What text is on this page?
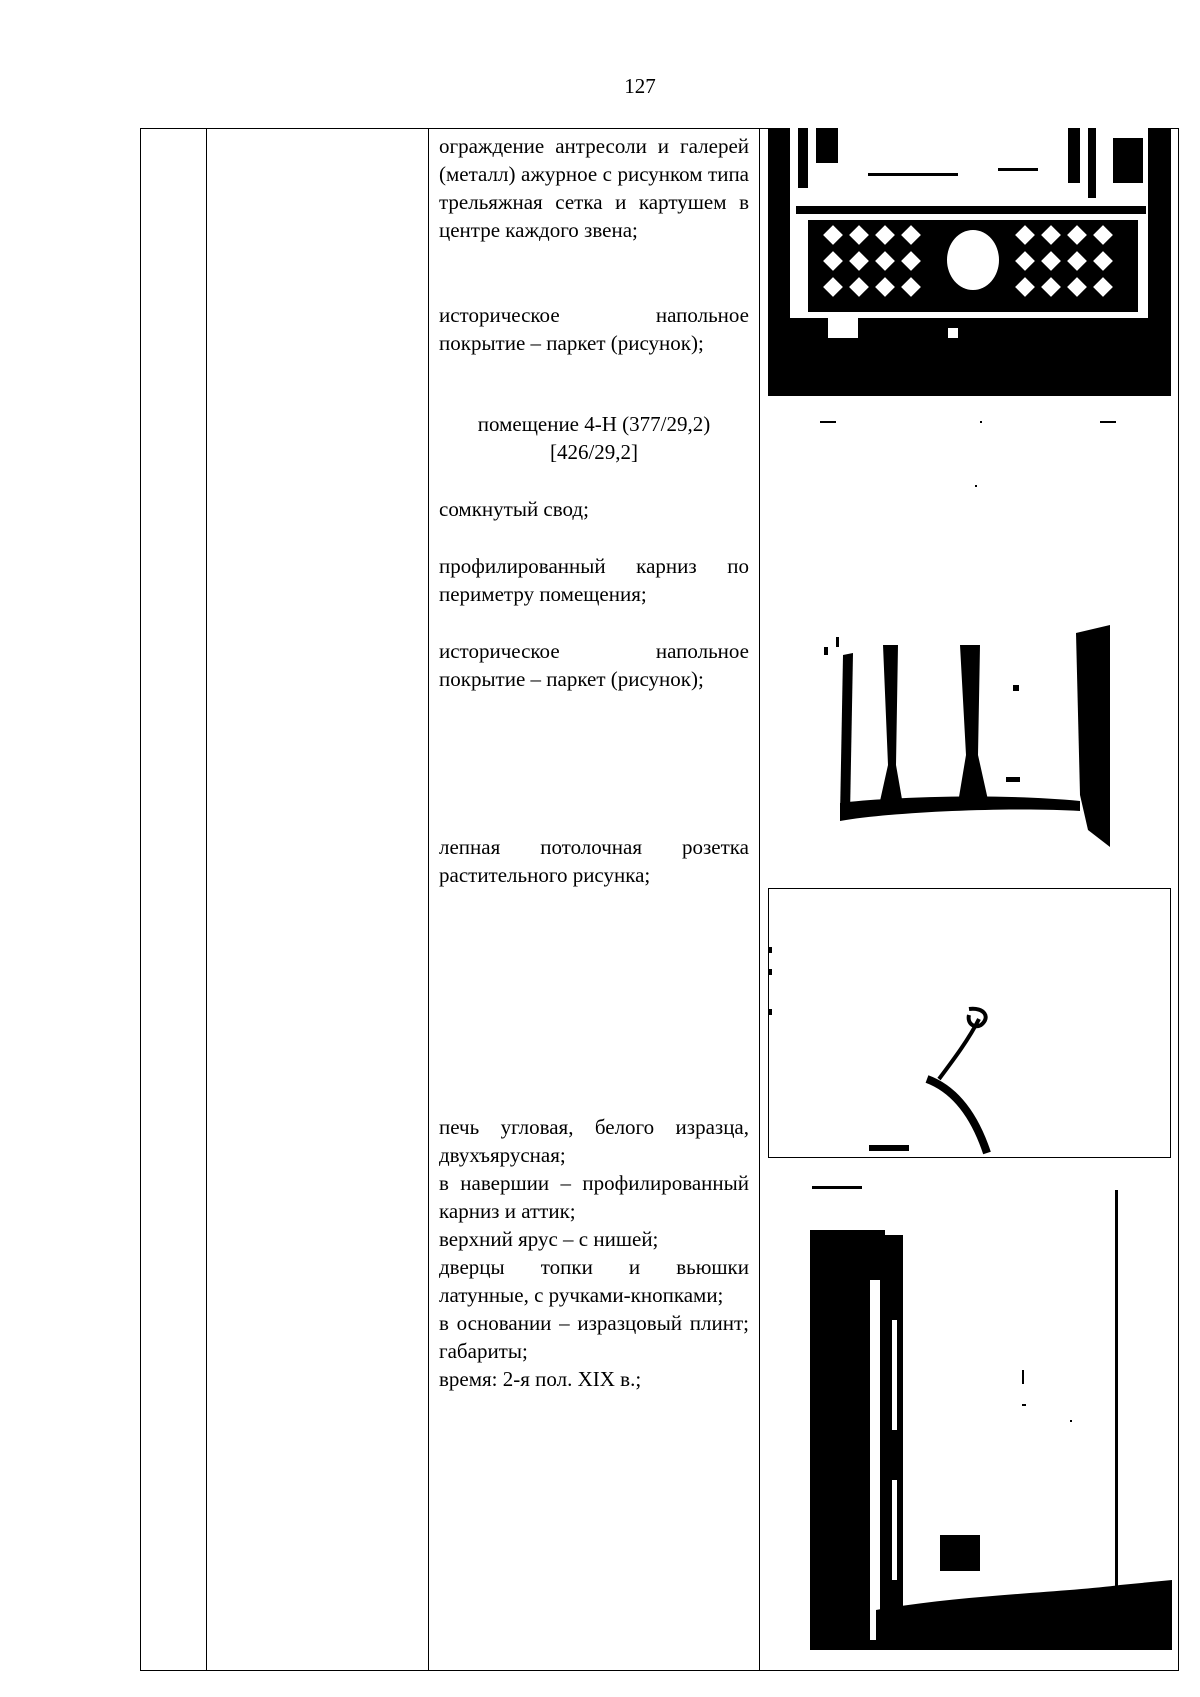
127

ограждение антресоли и галерей (металл) ажурное с рисунком типа трельяжная сетка и картушем в центре каждого звена;

историческое напольное покрытие – паркет (рисунок);

помещение 4-Н (377/29,2)

[426/29,2]

сомкнутый свод;

профилированный карниз по периметру помещения;

историческое напольное покрытие – паркет (рисунок);

лепная потолочная розетка растительного рисунка;

печь угловая, белого изразца, двухъярусная;

в навершии – профилированный карниз и аттик;

верхний ярус – с нишей;

дверцы топки и вьюшки латунные, с ручками-кнопками;

в основании – изразцовый плинт; габариты;

время: 2-я пол. XIX в.;
